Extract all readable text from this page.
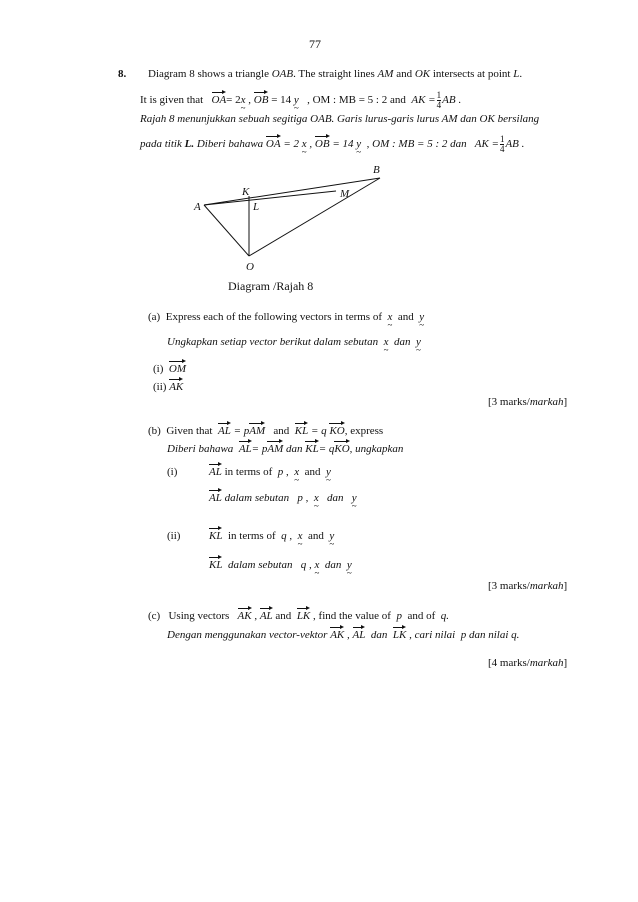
77
8. Diagram 8 shows a triangle OAB. The straight lines AM and OK intersects at point L.
It is given that OA= 2x ~ , OB = 14 y ~ , OM : MB = 5 : 2 and AK = $\frac{1}{4}$ AB .
Rajah 8 menunjukkan sebuah segitiga OAB. Garis lurus-garis lurus AM dan OK bersilang
pada titik L. Diberi bahawa OA = 2 x ~ , OB = 14 y ~ , OM : MB = 5 : 2 dan AK = $\frac{1}{4}$ AB .
A
K
L
M
B
O
Diagram /Rajah 8
(a) Express each of the following vectors in terms of x ~ and y ~
Ungkapkan setiap vector berikut dalam sebutan x ~ dan y ~
(i) OM
(ii) AK
[3 marks/markah]
(b) Given that AL = pAM and KL = q KO, express
Diberi bahawa AL= pAM dan KL= qKO, ungkapkan
(i)	AL in terms of p , x ~ and y ~
AL dalam sebutan p , x ~ dan y ~
(ii)	KL in terms of q , x ~ and y ~
KL dalam sebutan q , x ~ dan y ~
[3 marks/markah]
(c) Using vectors AK , AL and LK , find the value of p and of q.
Dengan menggunakan vector-vektor AK , AL dan LK , cari nilai p dan nilai q.
[4 marks/markah]
